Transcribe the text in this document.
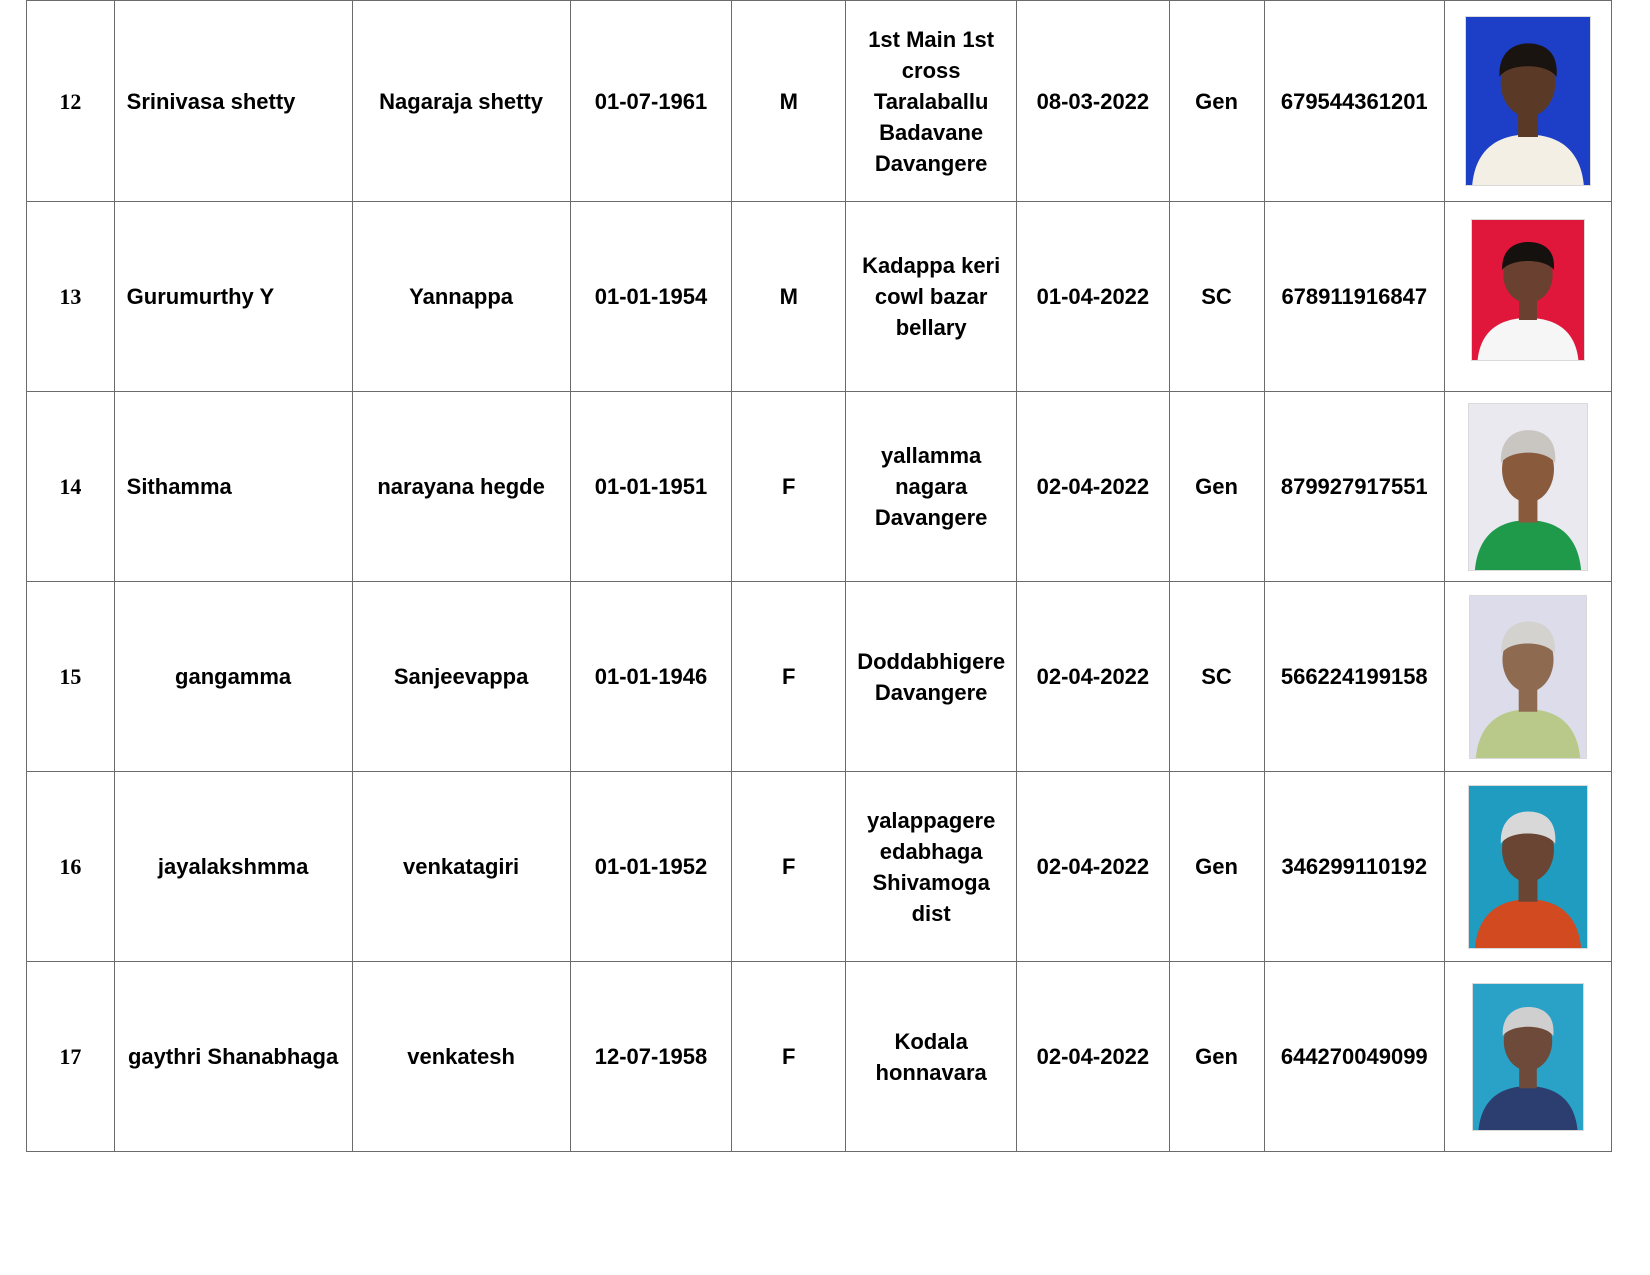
12	Srinivasa shetty	Nagaraja shetty	01-07-1961	M	1st Main 1st
cross
Taralaballu
Badavane
Davangere	08-03-2022	Gen	679544361201	

13	Gurumurthy Y	Yannappa	01-01-1954	M	Kadappa keri
cowl bazar
bellary	01-04-2022	SC	678911916847	

14	Sithamma	narayana hegde	01-01-1951	F	yallamma
nagara
Davangere	02-04-2022	Gen	879927917551	

15	gangamma	Sanjeevappa	01-01-1946	F	Doddabhigere
Davangere	02-04-2022	SC	566224199158	

16	jayalakshmma	venkatagiri	01-01-1952	F	yalappagere
edabhaga
Shivamoga dist	02-04-2022	Gen	346299110192	

17	gaythri Shanabhaga	venkatesh	12-07-1958	F	Kodala
honnavara	02-04-2022	Gen	644270049099	
